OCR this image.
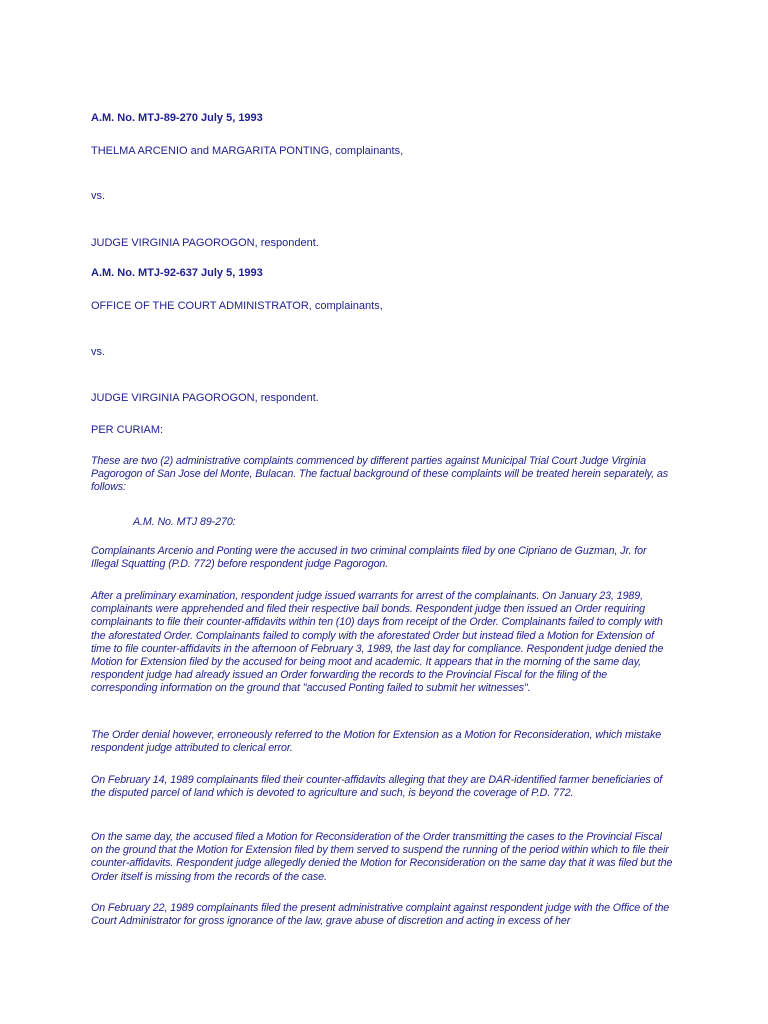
A.M. No. MTJ-89-270 July 5, 1993
THELMA ARCENIO and MARGARITA PONTING, complainants,
vs.
JUDGE VIRGINIA PAGOROGON, respondent.
A.M. No. MTJ-92-637 July 5, 1993
OFFICE OF THE COURT ADMINISTRATOR, complainants,
vs.
JUDGE VIRGINIA PAGOROGON, respondent.
PER CURIAM:
These are two (2) administrative complaints commenced by different parties against Municipal Trial Court Judge Virginia Pagorogon of San Jose del Monte, Bulacan. The factual background of these complaints will be treated herein separately, as follows:
A.M. No. MTJ 89-270:
Complainants Arcenio and Ponting were the accused in two criminal complaints filed by one Cipriano de Guzman, Jr. for Illegal Squatting (P.D. 772) before respondent judge Pagorogon.
After a preliminary examination, respondent judge issued warrants for arrest of the complainants. On January 23, 1989, complainants were apprehended and filed their respective bail bonds. Respondent judge then issued an Order requiring complainants to file their counter-affidavits within ten (10) days from receipt of the Order. Complainants failed to comply with the aforestated Order. Complainants failed to comply with the aforestated Order but instead filed a Motion for Extension of time to file counter-affidavits in the afternoon of February 3, 1989, the last day for compliance. Respondent judge denied the Motion for Extension filed by the accused for being moot and academic. It appears that in the morning of the same day, respondent judge had already issued an Order forwarding the records to the Provincial Fiscal for the filing of the corresponding information on the ground that "accused Ponting failed to submit her witnesses".
The Order denial however, erroneously referred to the Motion for Extension as a Motion for Reconsideration, which mistake respondent judge attributed to clerical error.
On February 14, 1989 complainants filed their counter-affidavits alleging that they are DAR-identified farmer beneficiaries of the disputed parcel of land which is devoted to agriculture and such, is beyond the coverage of P.D. 772.
On the same day, the accused filed a Motion for Reconsideration of the Order transmitting the cases to the Provincial Fiscal on the ground that the Motion for Extension filed by them served to suspend the running of the period within which to file their counter-affidavits. Respondent judge allegedly denied the Motion for Reconsideration on the same day that it was filed but the Order itself is missing from the records of the case.
On February 22, 1989 complainants filed the present administrative complaint against respondent judge with the Office of the Court Administrator for gross ignorance of the law, grave abuse of discretion and acting in excess of her
